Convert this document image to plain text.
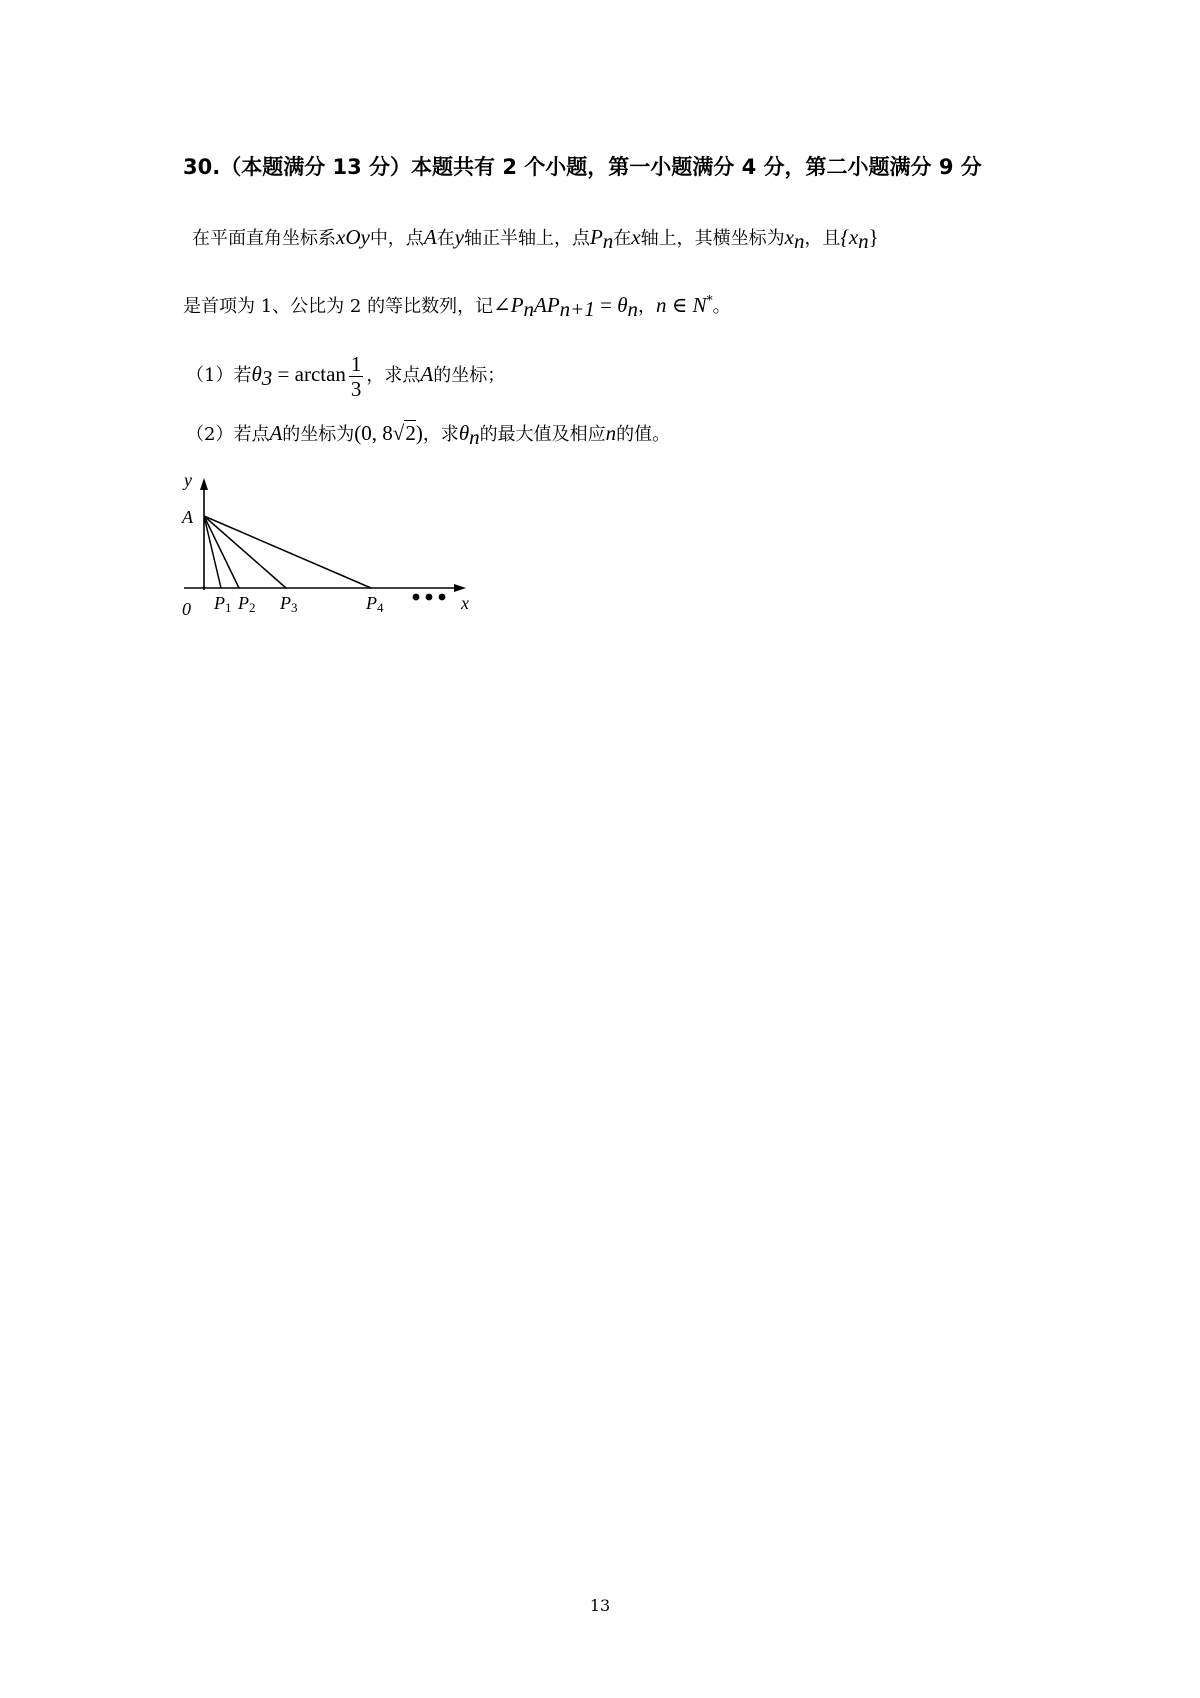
30.（本题满分 13 分）本题共有 2 个小题，第一小题满分 4 分，第二小题满分 9 分
在平面直角坐标系xOy中，点A在y轴正半轴上，点$P_n$在x轴上，其横坐标为$x_n$，且$\{x_n\}$
是首项为 1、公比为 2 的等比数列，记$\angle P_nAP_{n+1} = \theta_n$，n ∈ N*。
（1）若$\theta_3 = \arctan \frac{1}{3}$ ，求点A的坐标；
（2）若点A的坐标为(0, 8√2)，求$\theta_n$的最大值及相应n的值。
y
A
0	x
P1 P2 P3	P4
13
